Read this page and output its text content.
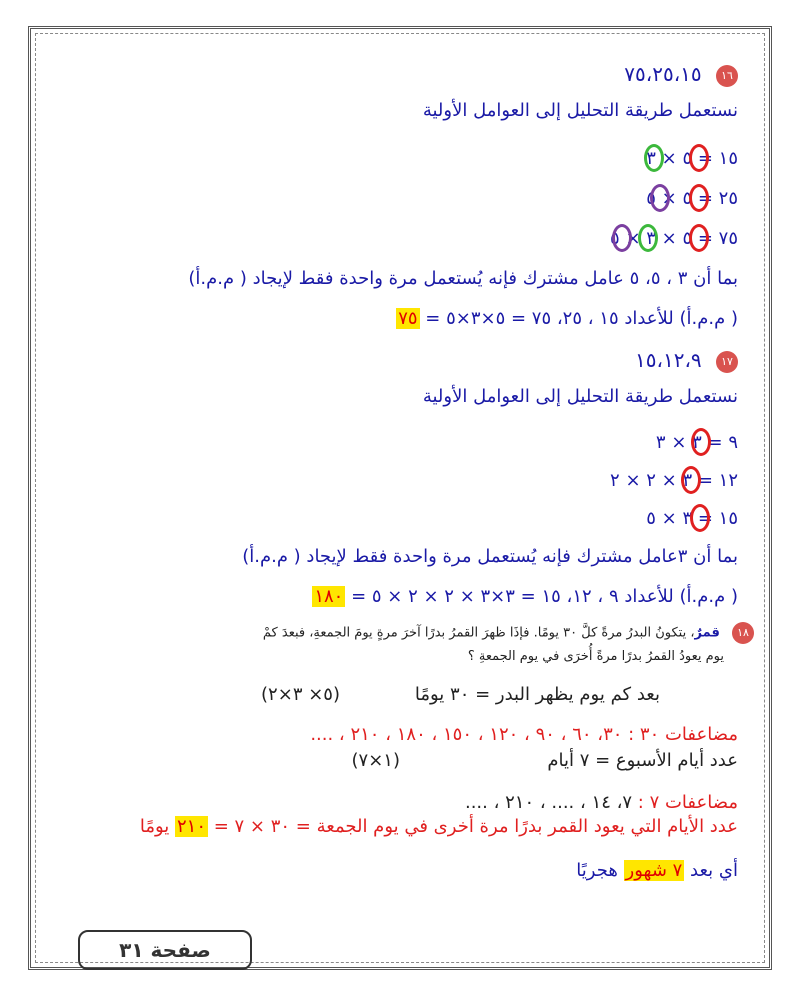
١٦ ٧٥،٢٥،١٥
نستعمل طريقة التحليل إلى العوامل الأولية
١٥ = ٥ × ٣
٢٥ = ٥ × ٥
٧٥ = ٥ × ٣ × ٥
بما أن ٣ ، ٥، ٥ عامل مشترك فإنه يُستعمل مرة واحدة فقط لإيجاد ( م.م.أ)
( م.م.أ) للأعداد ١٥ ، ٢٥، ٧٥ = ٥×٣×٥ = ٧٥
١٧ ١٥،١٢،٩
نستعمل طريقة التحليل إلى العوامل الأولية
٩ = ٣ × ٣
١٢ = ٣ × ٢ × ٢
١٥ = ٣ × ٥
بما أن ٣عامل مشترك فإنه يُستعمل مرة واحدة فقط لإيجاد ( م.م.أ)
( م.م.أ) للأعداد ٩ ، ١٢، ١٥ = ٣×٣ × ٢ × ٢ × ٥ = ١٨٠
١٨ قمرٌ، يتكونُ البدرُ مرةً كلَّ ٣٠ يومًا. فإذَا ظهرَ القمرُ بدرًا آخرَ مرةٍ يومَ الجمعةِ، فبعدَ كمْ
يوم يعودُ القمرُ بدرًا مرةً أُخرَى في يوم الجمعةِ ؟
بعد كم يوم يظهر البدر = ٣٠ يومًا
(٥× ٣×٢)
مضاعفات ٣٠ : ٣٠، ٦٠ ، ٩٠ ، ١٢٠ ، ١٥٠ ، ١٨٠ ، ٢١٠ ، ....
عدد أيام الأسبوع = ٧ أيام
(١×٧)
مضاعفات ٧ : ٧، ١٤ ، .... ، ٢١٠ ، ....
عدد الأيام التي يعود القمر بدرًا مرة أخرى في يوم الجمعة = ٣٠ × ٧ = ٢١٠ يومًا
أي بعد ٧ شهور هجريًا
صفحة ٣١
